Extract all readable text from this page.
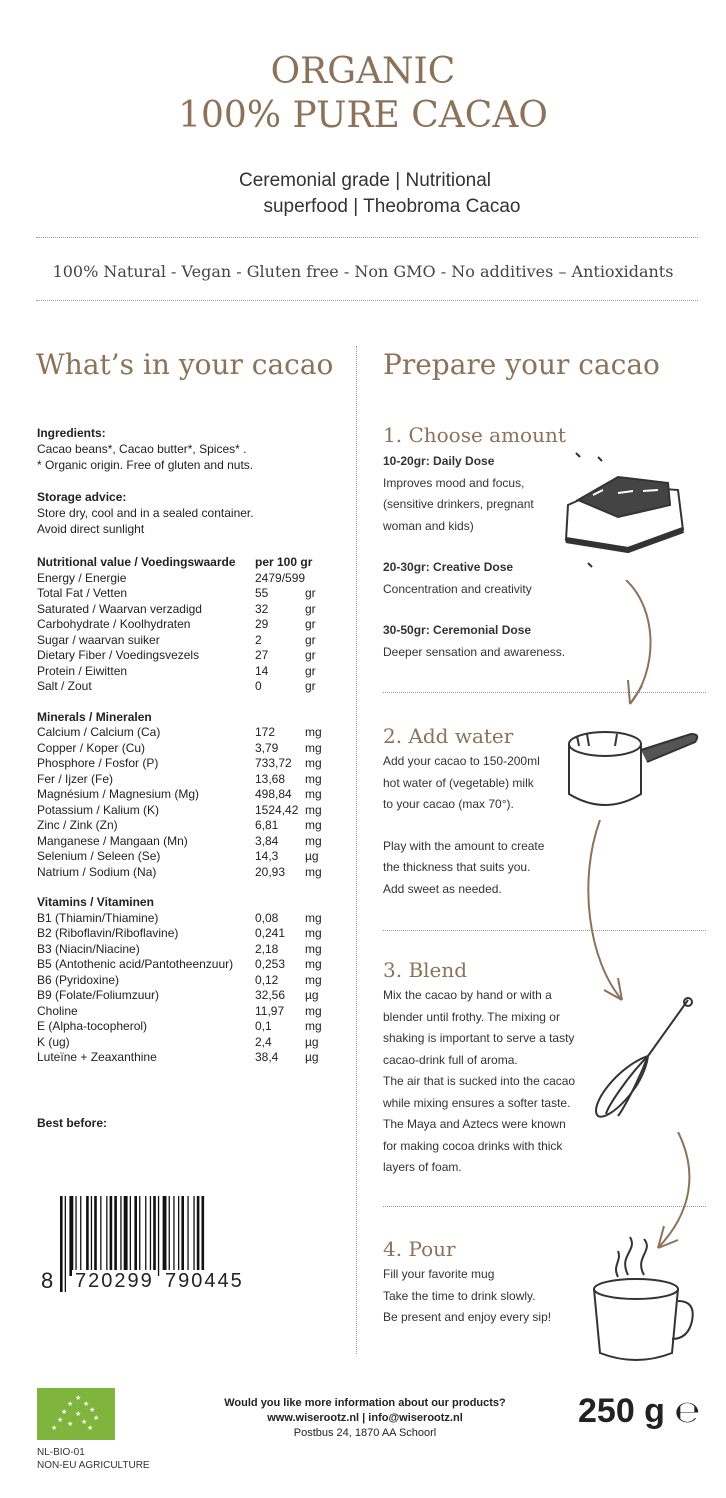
ORGANIC
100% PURE CACAO
Ceremonial grade | Nutritional
superfood | Theobroma Cacao
100% Natural - Vegan - Gluten free - Non GMO - No additives – Antioxidants
What’s in your cacao Prepare your cacao
Ingredients:
Cacao beans*, Cacao butter*, Spices* .
* Organic origin. Free of gluten and nuts.
Storage advice:
Store dry, cool and in a sealed container.
Avoid direct sunlight
Nutritional value / Voedingswaarde	per 100 gr
Energy / Energie	2479/599
Total Fat / Vetten	55	gr
Saturated / Waarvan verzadigd	32	gr
Carbohydrate / Koolhydraten	29	gr
Sugar / waarvan suiker	2	gr
Dietary Fiber / Voedingsvezels	27	gr
Protein / Eiwitten	14	gr
Salt / Zout	0	gr
Minerals / Mineralen
Calcium / Calcium (Ca)	172	mg
Copper / Koper (Cu)	3,79	mg
Phosphore / Fosfor (P)	733,72	mg
Fer / Ijzer (Fe)	13,68	mg
Magnésium / Magnesium (Mg)	498,84	mg
Potassium / Kalium (K)	1524,42 mg
Zinc / Zink (Zn)	6,81	mg
Manganese / Mangaan (Mn)	3,84	mg
Selenium / Seleen (Se)	14,3	µg
Natrium / Sodium (Na)	20,93	mg
Vitamins / Vitaminen
B1 (Thiamin/Thiamine)	0,08	mg
B2 (Riboflavin/Riboflavine)	0,241	mg
B3 (Niacin/Niacine)	2,18	mg
B5 (Antothenic acid/Pantotheenzuur)	0,253	mg
B6 (Pyridoxine)	0,12	mg
B9 (Folate/Foliumzuur)	32,56	µg
Choline	11,97	mg
E (Alpha-tocopherol)	0,1	mg
K (ug)	2,4	µg
Luteïne + Zeaxanthine	38,4	µg
Best before:
8 720299 790445
1. Choose amount
10-20gr: Daily Dose
Improves mood and focus,
(sensitive drinkers, pregnant
woman and kids)
20-30gr: Creative Dose
Concentration and creativity
30-50gr: Ceremonial Dose
Deeper sensation and awareness.
2. Add water
Add your cacao to 150-200ml
hot water of (vegetable) milk
to your cacao (max 70°).
Play with the amount to create
the thickness that suits you.
Add sweet as needed.
3. Blend
Mix the cacao by hand or with a
blender until frothy. The mixing or
shaking is important to serve a tasty
cacao-drink full of aroma.
The air that is sucked into the cacao
while mixing ensures a softer taste.
The Maya and Aztecs were known
for making cocoa drinks with thick
layers of foam.
4. Pour
Fill your favorite mug
Take the time to drink slowly.
Be present and enjoy every sip!
★
★ ★
★	★
★ ★ ★ ★
★
★	★
NL-BIO-01
NON-EU AGRICULTURE
Would you like more information about our products?
www.wiserootz.nl | info@wiserootz.nl
Postbus 24, 1870 AA Schoorl
250 g ℮
